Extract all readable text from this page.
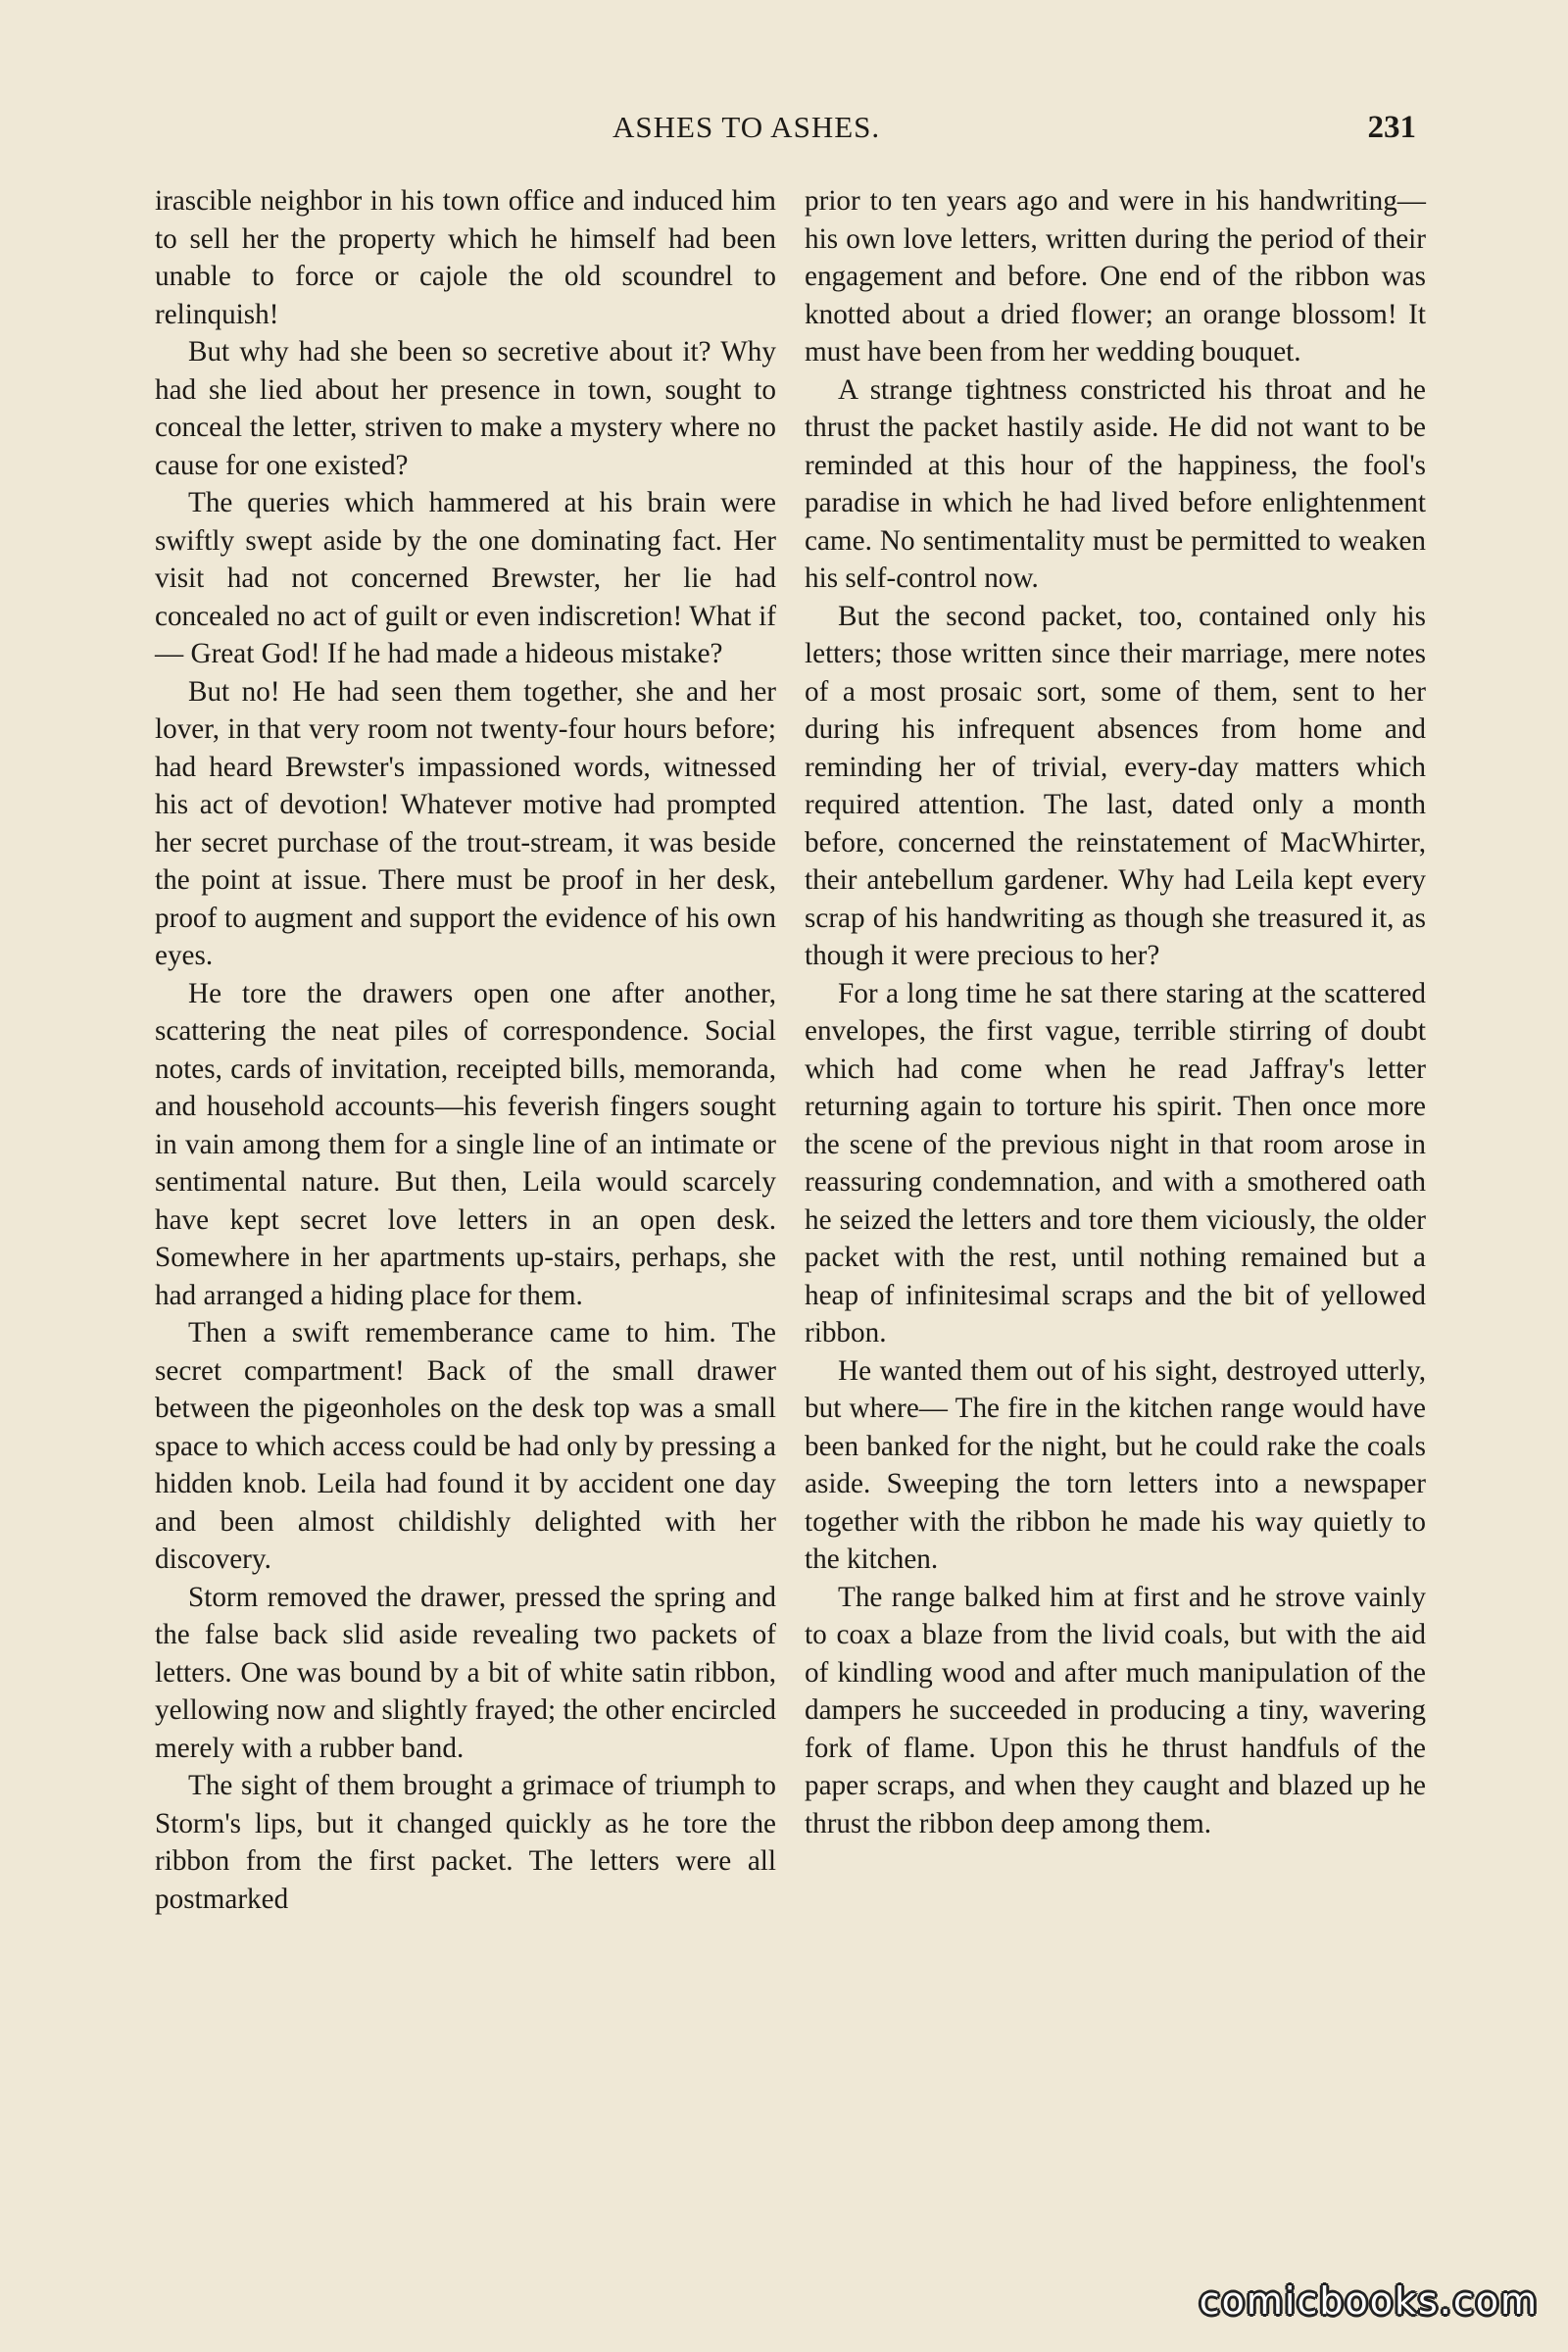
ASHES TO ASHES.	231

irascible neighbor in his town office and induced him to sell her the property which he himself had been unable to force or cajole the old scoundrel to relinquish!

But why had she been so secretive about it? Why had she lied about her presence in town, sought to conceal the letter, striven to make a mystery where no cause for one existed?

The queries which hammered at his brain were swiftly swept aside by the one dominating fact. Her visit had not concerned Brewster, her lie had concealed no act of guilt or even indiscretion! What if— Great God! If he had made a hideous mistake?

But no! He had seen them together, she and her lover, in that very room not twenty-four hours before; had heard Brewster's impassioned words, witnessed his act of devotion! Whatever motive had prompted her secret purchase of the trout-stream, it was beside the point at issue. There must be proof in her desk, proof to augment and support the evidence of his own eyes.

He tore the drawers open one after another, scattering the neat piles of correspondence. Social notes, cards of invitation, receipted bills, memoranda, and household accounts—his feverish fingers sought in vain among them for a single line of an intimate or sentimental nature. But then, Leila would scarcely have kept secret love letters in an open desk. Somewhere in her apartments up-stairs, perhaps, she had arranged a hiding place for them.

Then a swift rememberance came to him. The secret compartment! Back of the small drawer between the pigeonholes on the desk top was a small space to which access could be had only by pressing a hidden knob. Leila had found it by accident one day and been almost childishly delighted with her discovery.

Storm removed the drawer, pressed the spring and the false back slid aside revealing two packets of letters. One was bound by a bit of white satin ribbon, yellowing now and slightly frayed; the other encircled merely with a rubber band.

The sight of them brought a grimace of triumph to Storm's lips, but it changed quickly as he tore the ribbon from the first packet. The letters were all postmarked

prior to ten years ago and were in his handwriting—his own love letters, written during the period of their engagement and before. One end of the ribbon was knotted about a dried flower; an orange blossom! It must have been from her wedding bouquet.

A strange tightness constricted his throat and he thrust the packet hastily aside. He did not want to be reminded at this hour of the happiness, the fool's paradise in which he had lived before enlightenment came. No sentimentality must be permitted to weaken his self-control now.

But the second packet, too, contained only his letters; those written since their marriage, mere notes of a most prosaic sort, some of them, sent to her during his infrequent absences from home and reminding her of trivial, every-day matters which required attention. The last, dated only a month before, concerned the reinstatement of MacWhirter, their antebellum gardener. Why had Leila kept every scrap of his handwriting as though she treasured it, as though it were precious to her?

For a long time he sat there staring at the scattered envelopes, the first vague, terrible stirring of doubt which had come when he read Jaffray's letter returning again to torture his spirit. Then once more the scene of the previous night in that room arose in reassuring condemnation, and with a smothered oath he seized the letters and tore them viciously, the older packet with the rest, until nothing remained but a heap of infinitesimal scraps and the bit of yellowed ribbon.

He wanted them out of his sight, destroyed utterly, but where— The fire in the kitchen range would have been banked for the night, but he could rake the coals aside. Sweeping the torn letters into a newspaper together with the ribbon he made his way quietly to the kitchen.

The range balked him at first and he strove vainly to coax a blaze from the livid coals, but with the aid of kindling wood and after much manipulation of the dampers he succeeded in producing a tiny, wavering fork of flame. Upon this he thrust handfuls of the paper scraps, and when they caught and blazed up he thrust the ribbon deep among them.

comicbooks.com
